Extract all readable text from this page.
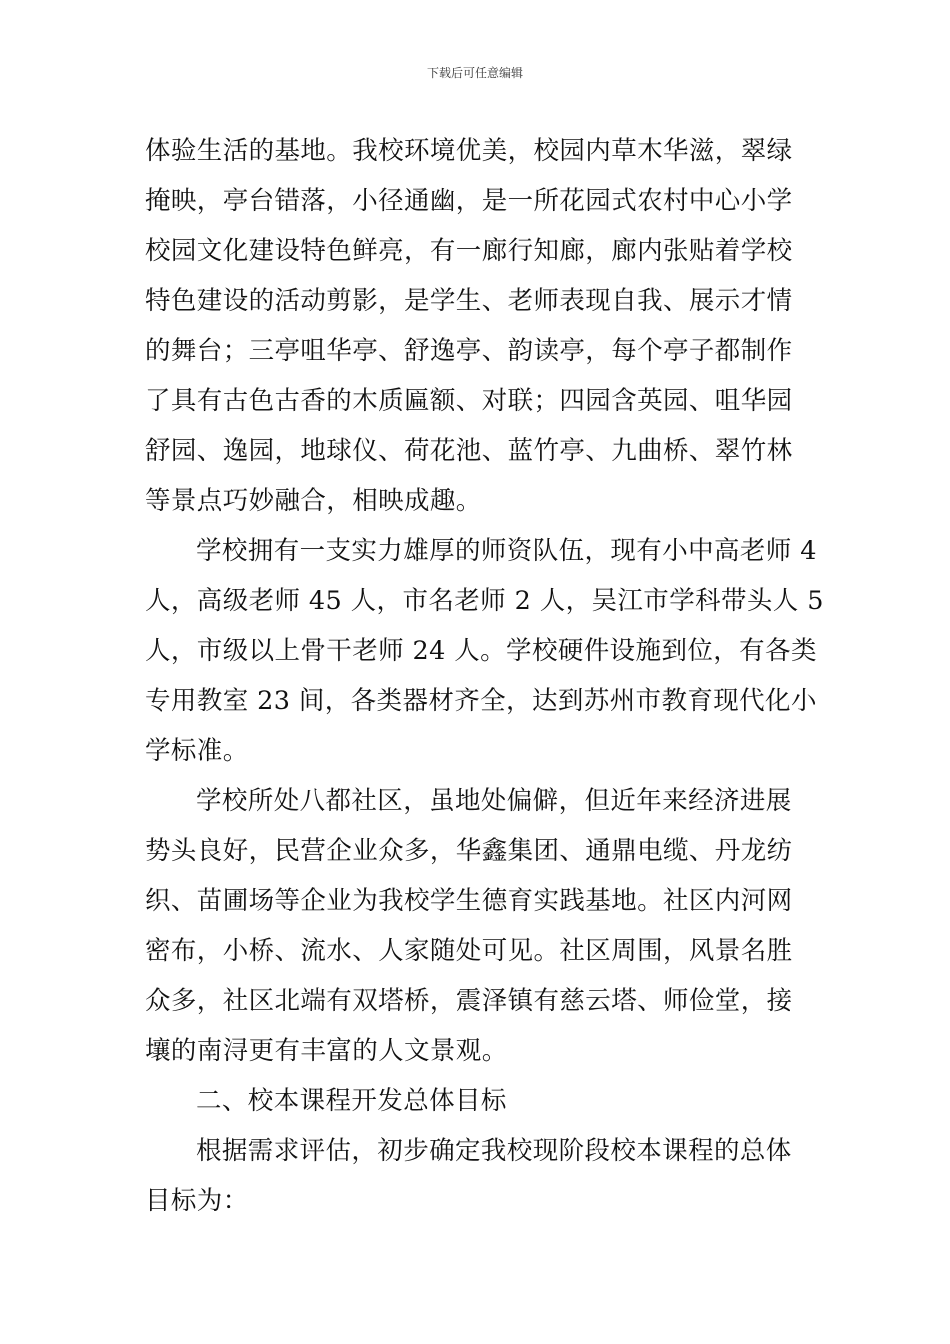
下载后可任意编辑
体验生活的基地。我校环境优美，校园内草木华滋，翠绿
掩映，亭台错落，小径通幽，是一所花园式农村中心小学
校园文化建设特色鲜亮，有一廊行知廊，廊内张贴着学校
特色建设的活动剪影，是学生、老师表现自我、展示才情
的舞台；三亭咀华亭、舒逸亭、韵读亭，每个亭子都制作
了具有古色古香的木质匾额、对联；四园含英园、咀华园
舒园、逸园，地球仪、荷花池、蓝竹亭、九曲桥、翠竹林
等景点巧妙融合，相映成趣。
学校拥有一支实力雄厚的师资队伍，现有小中高老师 4
人，高级老师 45 人，市名老师 2 人，吴江市学科带头人 5
人，市级以上骨干老师 24 人。学校硬件设施到位，有各类
专用教室 23 间，各类器材齐全，达到苏州市教育现代化小
学标准。
学校所处八都社区，虽地处偏僻，但近年来经济进展
势头良好，民营企业众多，华鑫集团、通鼎电缆、丹龙纺
织、苗圃场等企业为我校学生德育实践基地。社区内河网
密布，小桥、流水、人家随处可见。社区周围，风景名胜
众多，社区北端有双塔桥，震泽镇有慈云塔、师俭堂，接
壤的南浔更有丰富的人文景观。
二、校本课程开发总体目标
根据需求评估，初步确定我校现阶段校本课程的总体
目标为：
